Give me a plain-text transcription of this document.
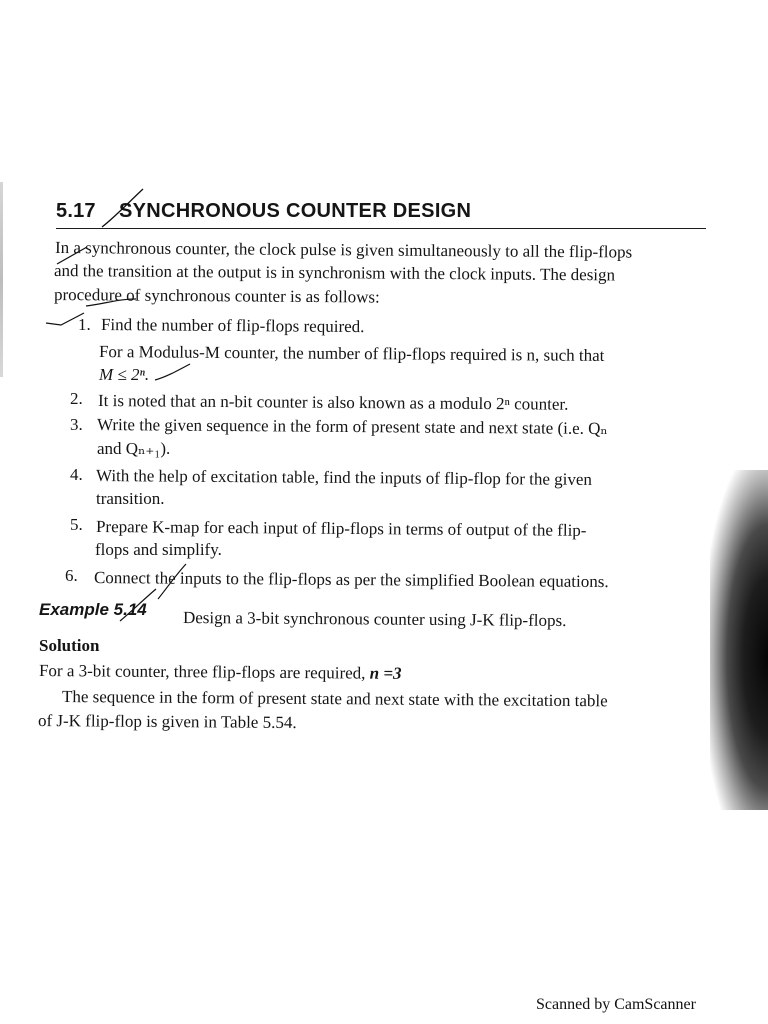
5.17 SYNCHRONOUS COUNTER DESIGN
In a synchronous counter, the clock pulse is given simultaneously to all the flip-flops
and the transition at the output is in synchronism with the clock inputs. The design
procedure of synchronous counter is as follows:
1. Find the number of flip-flops required.
For a Modulus-M counter, the number of flip-flops required is n, such that
M ≤ 2ⁿ.
2. It is noted that an n-bit counter is also known as a modulo 2ⁿ counter.
3. Write the given sequence in the form of present state and next state (i.e. Qₙ
and Qₙ₊₁).
4. With the help of excitation table, find the inputs of flip-flop for the given
transition.
5. Prepare K-map for each input of flip-flops in terms of output of the flip-
flops and simplify.
6. Connect the inputs to the flip-flops as per the simplified Boolean equations.
Example 5.14 Design a 3-bit synchronous counter using J-K flip-flops.
Solution
For a 3-bit counter, three flip-flops are required, n =3
The sequence in the form of present state and next state with the excitation table
of J-K flip-flop is given in Table 5.54.
Scanned by CamScanner
